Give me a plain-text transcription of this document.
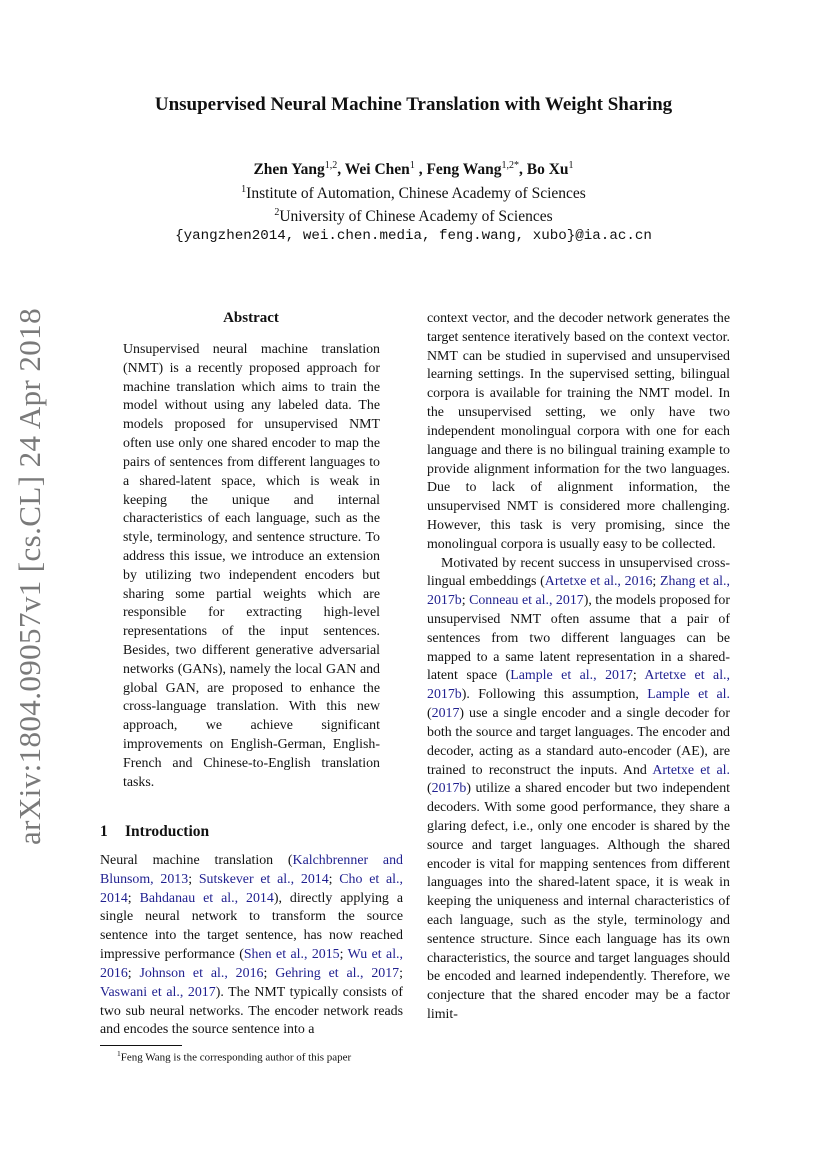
arXiv:1804.09057v1 [cs.CL] 24 Apr 2018
Unsupervised Neural Machine Translation with Weight Sharing
Zhen Yang$^{1,2}$, Wei Chen$^1$ , Feng Wang$^{1,2*}$, Bo Xu$^1$
$^1$Institute of Automation, Chinese Academy of Sciences
$^2$University of Chinese Academy of Sciences
{yangzhen2014, wei.chen.media, feng.wang, xubo}@ia.ac.cn
Abstract

Unsupervised neural machine translation (NMT) is a recently proposed approach for machine translation which aims to train the model without using any labeled data. The models proposed for unsupervised NMT often use only one shared encoder to map the pairs of sentences from different languages to a shared-latent space, which is weak in keeping the unique and internal characteristics of each language, such as the style, terminology, and sentence structure. To address this issue, we introduce an extension by utilizing two independent encoders but sharing some partial weights which are responsible for extracting high-level representations of the input sentences. Besides, two different generative adversarial networks (GANs), namely the local GAN and global GAN, are proposed to enhance the cross-language translation. With this new approach, we achieve significant improvements on English-German, English-French and Chinese-to-English translation tasks.

1 Introduction

Neural machine translation (Kalchbrenner and Blunsom, 2013; Sutskever et al., 2014; Cho et al., 2014; Bahdanau et al., 2014), directly applying a single neural network to transform the source sentence into the target sentence, has now reached impressive performance (Shen et al., 2015; Wu et al., 2016; Johnson et al., 2016; Gehring et al., 2017; Vaswani et al., 2017). The NMT typically consists of two sub neural networks. The encoder network reads and encodes the source sentence into a

$^1$Feng Wang is the corresponding author of this paper

context vector, and the decoder network generates the target sentence iteratively based on the context vector. NMT can be studied in supervised and unsupervised learning settings. In the supervised setting, bilingual corpora is available for training the NMT model. In the unsupervised setting, we only have two independent monolingual corpora with one for each language and there is no bilingual training example to provide alignment information for the two languages. Due to lack of alignment information, the unsupervised NMT is considered more challenging. However, this task is very promising, since the monolingual corpora is usually easy to be collected.

Motivated by recent success in unsupervised cross-lingual embeddings (Artetxe et al., 2016; Zhang et al., 2017b; Conneau et al., 2017), the models proposed for unsupervised NMT often assume that a pair of sentences from two different languages can be mapped to a same latent representation in a shared-latent space (Lample et al., 2017; Artetxe et al., 2017b). Following this assumption, Lample et al. (2017) use a single encoder and a single decoder for both the source and target languages. The encoder and decoder, acting as a standard auto-encoder (AE), are trained to reconstruct the inputs. And Artetxe et al. (2017b) utilize a shared encoder but two independent decoders. With some good performance, they share a glaring defect, i.e., only one encoder is shared by the source and target languages. Although the shared encoder is vital for mapping sentences from different languages into the shared-latent space, it is weak in keeping the uniqueness and internal characteristics of each language, such as the style, terminology and sentence structure. Since each language has its own characteristics, the source and target languages should be encoded and learned independently. Therefore, we conjecture that the shared encoder may be a factor limit-
